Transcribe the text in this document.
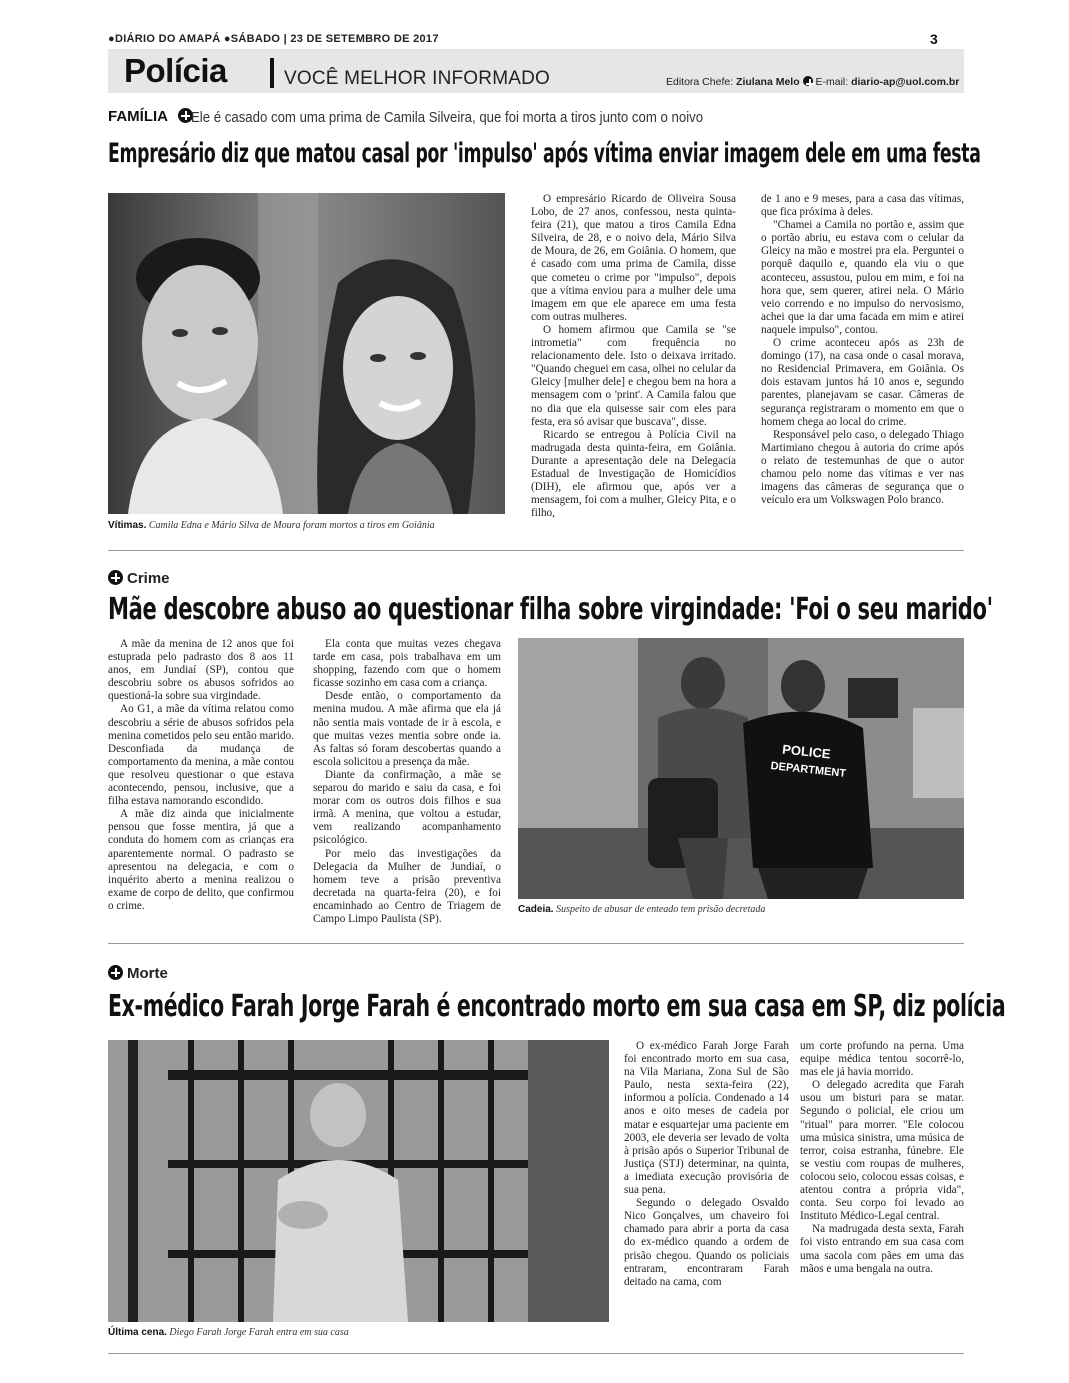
●DIÁRIO DO AMAPÁ ●SÁBADO | 23 DE SETEMBRO DE 2017	3
Polícia	VOCÊ MELHOR INFORMADO	Editora Chefe: Ziulana Melo E-mail: diario-ap@uol.com.br
FAMÍLIA	Ele é casado com uma prima de Camila Silveira, que foi morta a tiros junto com o noivo
Empresário diz que matou casal por 'impulso' após vítima enviar imagem dele em uma festa
Vítimas. Camila Edna e Mário Silva de Moura foram mortos a tiros em Goiânia

O empresário Ricardo de Oliveira Sousa Lobo, de 27 anos, confessou, nesta quinta-feira (21), que matou a tiros Camila Edna Silveira, de 28, e o noivo dela, Mário Silva de Moura, de 26, em Goiânia. O homem, que é casado com uma prima de Camila, disse que cometeu o crime por "impulso", depois que a vítima enviou para a mulher dele uma imagem em que ele aparece em uma festa com outras mulheres.

O homem afirmou que Camila se "se intrometia" com frequência no relacionamento dele. Isto o deixava irritado. "Quando cheguei em casa, olhei no celular da Gleicy [mulher dele] e chegou bem na hora a mensagem com o 'print'. A Camila falou que no dia que ela quisesse sair com eles para festa, era só avisar que buscava", disse.

Ricardo se entregou à Polícia Civil na madrugada desta quinta-feira, em Goiânia. Durante a apresentação dele na Delegacia Estadual de Investigação de Homicídios (DIH), ele afirmou que, após ver a mensagem, foi com a mulher, Gleicy Pita, e o filho,

de 1 ano e 9 meses, para a casa das vítimas, que fica próxima à deles.

"Chamei a Camila no portão e, assim que o portão abriu, eu estava com o celular da Gleicy na mão e mostrei pra ela. Perguntei o porquê daquilo e, quando ela viu o que aconteceu, assustou, pulou em mim, e foi na hora que, sem querer, atirei nela. O Mário veio correndo e no impulso do nervosismo, achei que ia dar uma facada em mim e atirei naquele impulso", contou.

O crime aconteceu após as 23h de domingo (17), na casa onde o casal morava, no Residencial Primavera, em Goiânia. Os dois estavam juntos há 10 anos e, segundo parentes, planejavam se casar. Câmeras de segurança registraram o momento em que o homem chega ao local do crime.

Responsável pelo caso, o delegado Thiago Martimiano chegou à autoria do crime após o relato de testemunhas de que o autor chamou pelo nome das vítimas e ver nas imagens das câmeras de segurança que o veículo era um Volkswagen Polo branco.

Crime
Mãe descobre abuso ao questionar filha sobre virgindade: 'Foi o seu marido'

A mãe da menina de 12 anos que foi estuprada pelo padrasto dos 8 aos 11 anos, em Jundiaí (SP), contou que descobriu sobre os abusos sofridos ao questioná-la sobre sua virgindade.

Ao G1, a mãe da vítima relatou como descobriu a série de abusos sofridos pela menina cometidos pelo seu então marido. Desconfiada da mudança de comportamento da menina, a mãe contou que resolveu questionar o que estava acontecendo, pensou, inclusive, que a filha estava namorando escondido.

A mãe diz ainda que inicialmente pensou que fosse mentira, já que a conduta do homem com as crianças era aparentemente normal. O padrasto se apresentou na delegacia, e com o inquérito aberto a menina realizou o exame de corpo de delito, que confirmou o crime.

Ela conta que muitas vezes chegava tarde em casa, pois trabalhava em um shopping, fazendo com que o homem ficasse sozinho em casa com a criança.

Desde então, o comportamento da menina mudou. A mãe afirma que ela já não sentia mais vontade de ir à escola, e que muitas vezes mentia sobre onde ia. As faltas só foram descobertas quando a escola solicitou a presença da mãe.

Diante da confirmação, a mãe se separou do marido e saiu da casa, e foi morar com os outros dois filhos e sua irmã. A menina, que voltou a estudar, vem realizando acompanhamento psicológico.

Por meio das investigações da Delegacia da Mulher de Jundiaí, o homem teve a prisão preventiva decretada na quarta-feira (20), e foi encaminhado ao Centro de Triagem de Campo Limpo Paulista (SP).

POLICE
DEPARTMENT
Cadeia. Suspeito de abusar de enteado tem prisão decretada
Morte
Ex-médico Farah Jorge Farah é encontrado morto em sua casa em SP, diz polícia
Última cena. Diego Farah Jorge Farah entra em sua casa

O ex-médico Farah Jorge Farah foi encontrado morto em sua casa, na Vila Mariana, Zona Sul de São Paulo, nesta sexta-feira (22), informou a polícia. Condenado a 14 anos e oito meses de cadeia por matar e esquartejar uma paciente em 2003, ele deveria ser levado de volta à prisão após o Superior Tribunal de Justiça (STJ) determinar, na quinta, a imediata execução provisória de sua pena.

Segundo o delegado Osvaldo Nico Gonçalves, um chaveiro foi chamado para abrir a porta da casa do ex-médico quando a ordem de prisão chegou. Quando os policiais entraram, encontraram Farah deitado na cama, com

um corte profundo na perna. Uma equipe médica tentou socorrê-lo, mas ele já havia morrido.

O delegado acredita que Farah usou um bisturi para se matar. Segundo o policial, ele criou um "ritual" para morrer. "Ele colocou uma música sinistra, uma música de terror, coisa estranha, fúnebre. Ele se vestiu com roupas de mulheres, colocou seio, colocou essas coisas, e atentou contra a própria vida", conta. Seu corpo foi levado ao Instituto Médico-Legal central.

Na madrugada desta sexta, Farah foi visto entrando em sua casa com uma sacola com pães em uma das mãos e uma bengala na outra.
